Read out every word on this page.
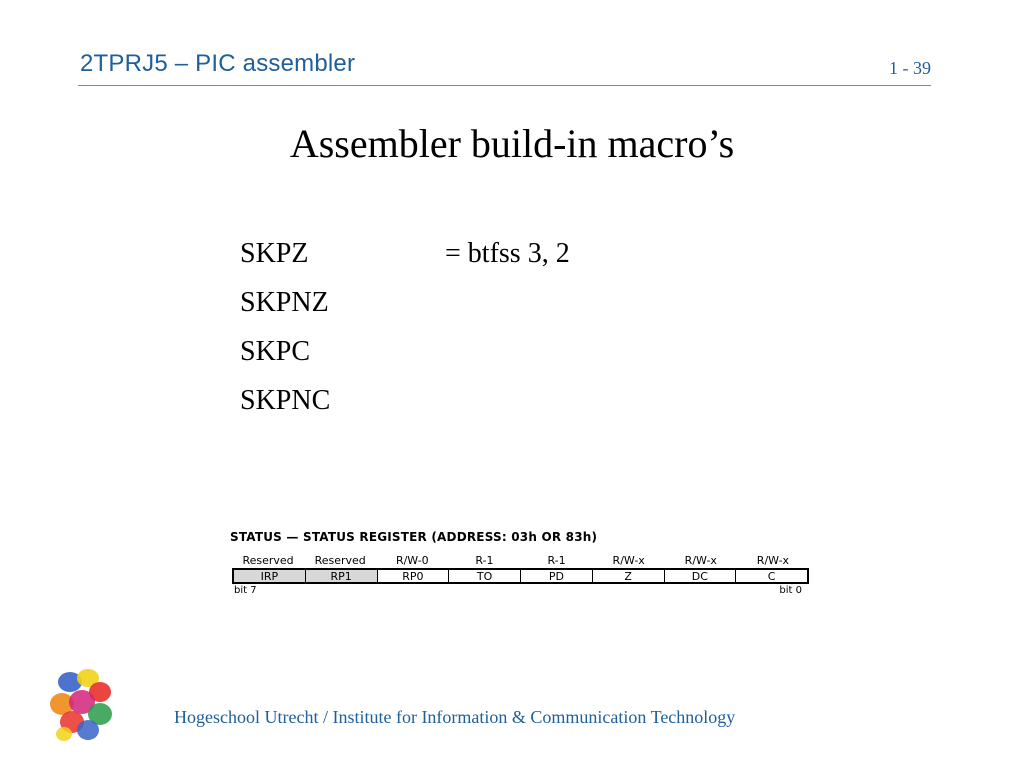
2TPRJ5 – PIC assembler	1 - 39
Assembler build-in macro’s
SKPZ	= btfss 3, 2
SKPNZ
SKPC
SKPNC
STATUS — STATUS REGISTER (ADDRESS: 03h OR 83h)
Reserved	Reserved	R/W-0	R-1	R-1	R/W-x	R/W-x	R/W-x
IRP	RP1	RP0	$\overline{TO}$	$\overline{PD}$	Z	DC	C
bit 7	bit 0
Hogeschool Utrecht / Institute for Information & Communication Technology
